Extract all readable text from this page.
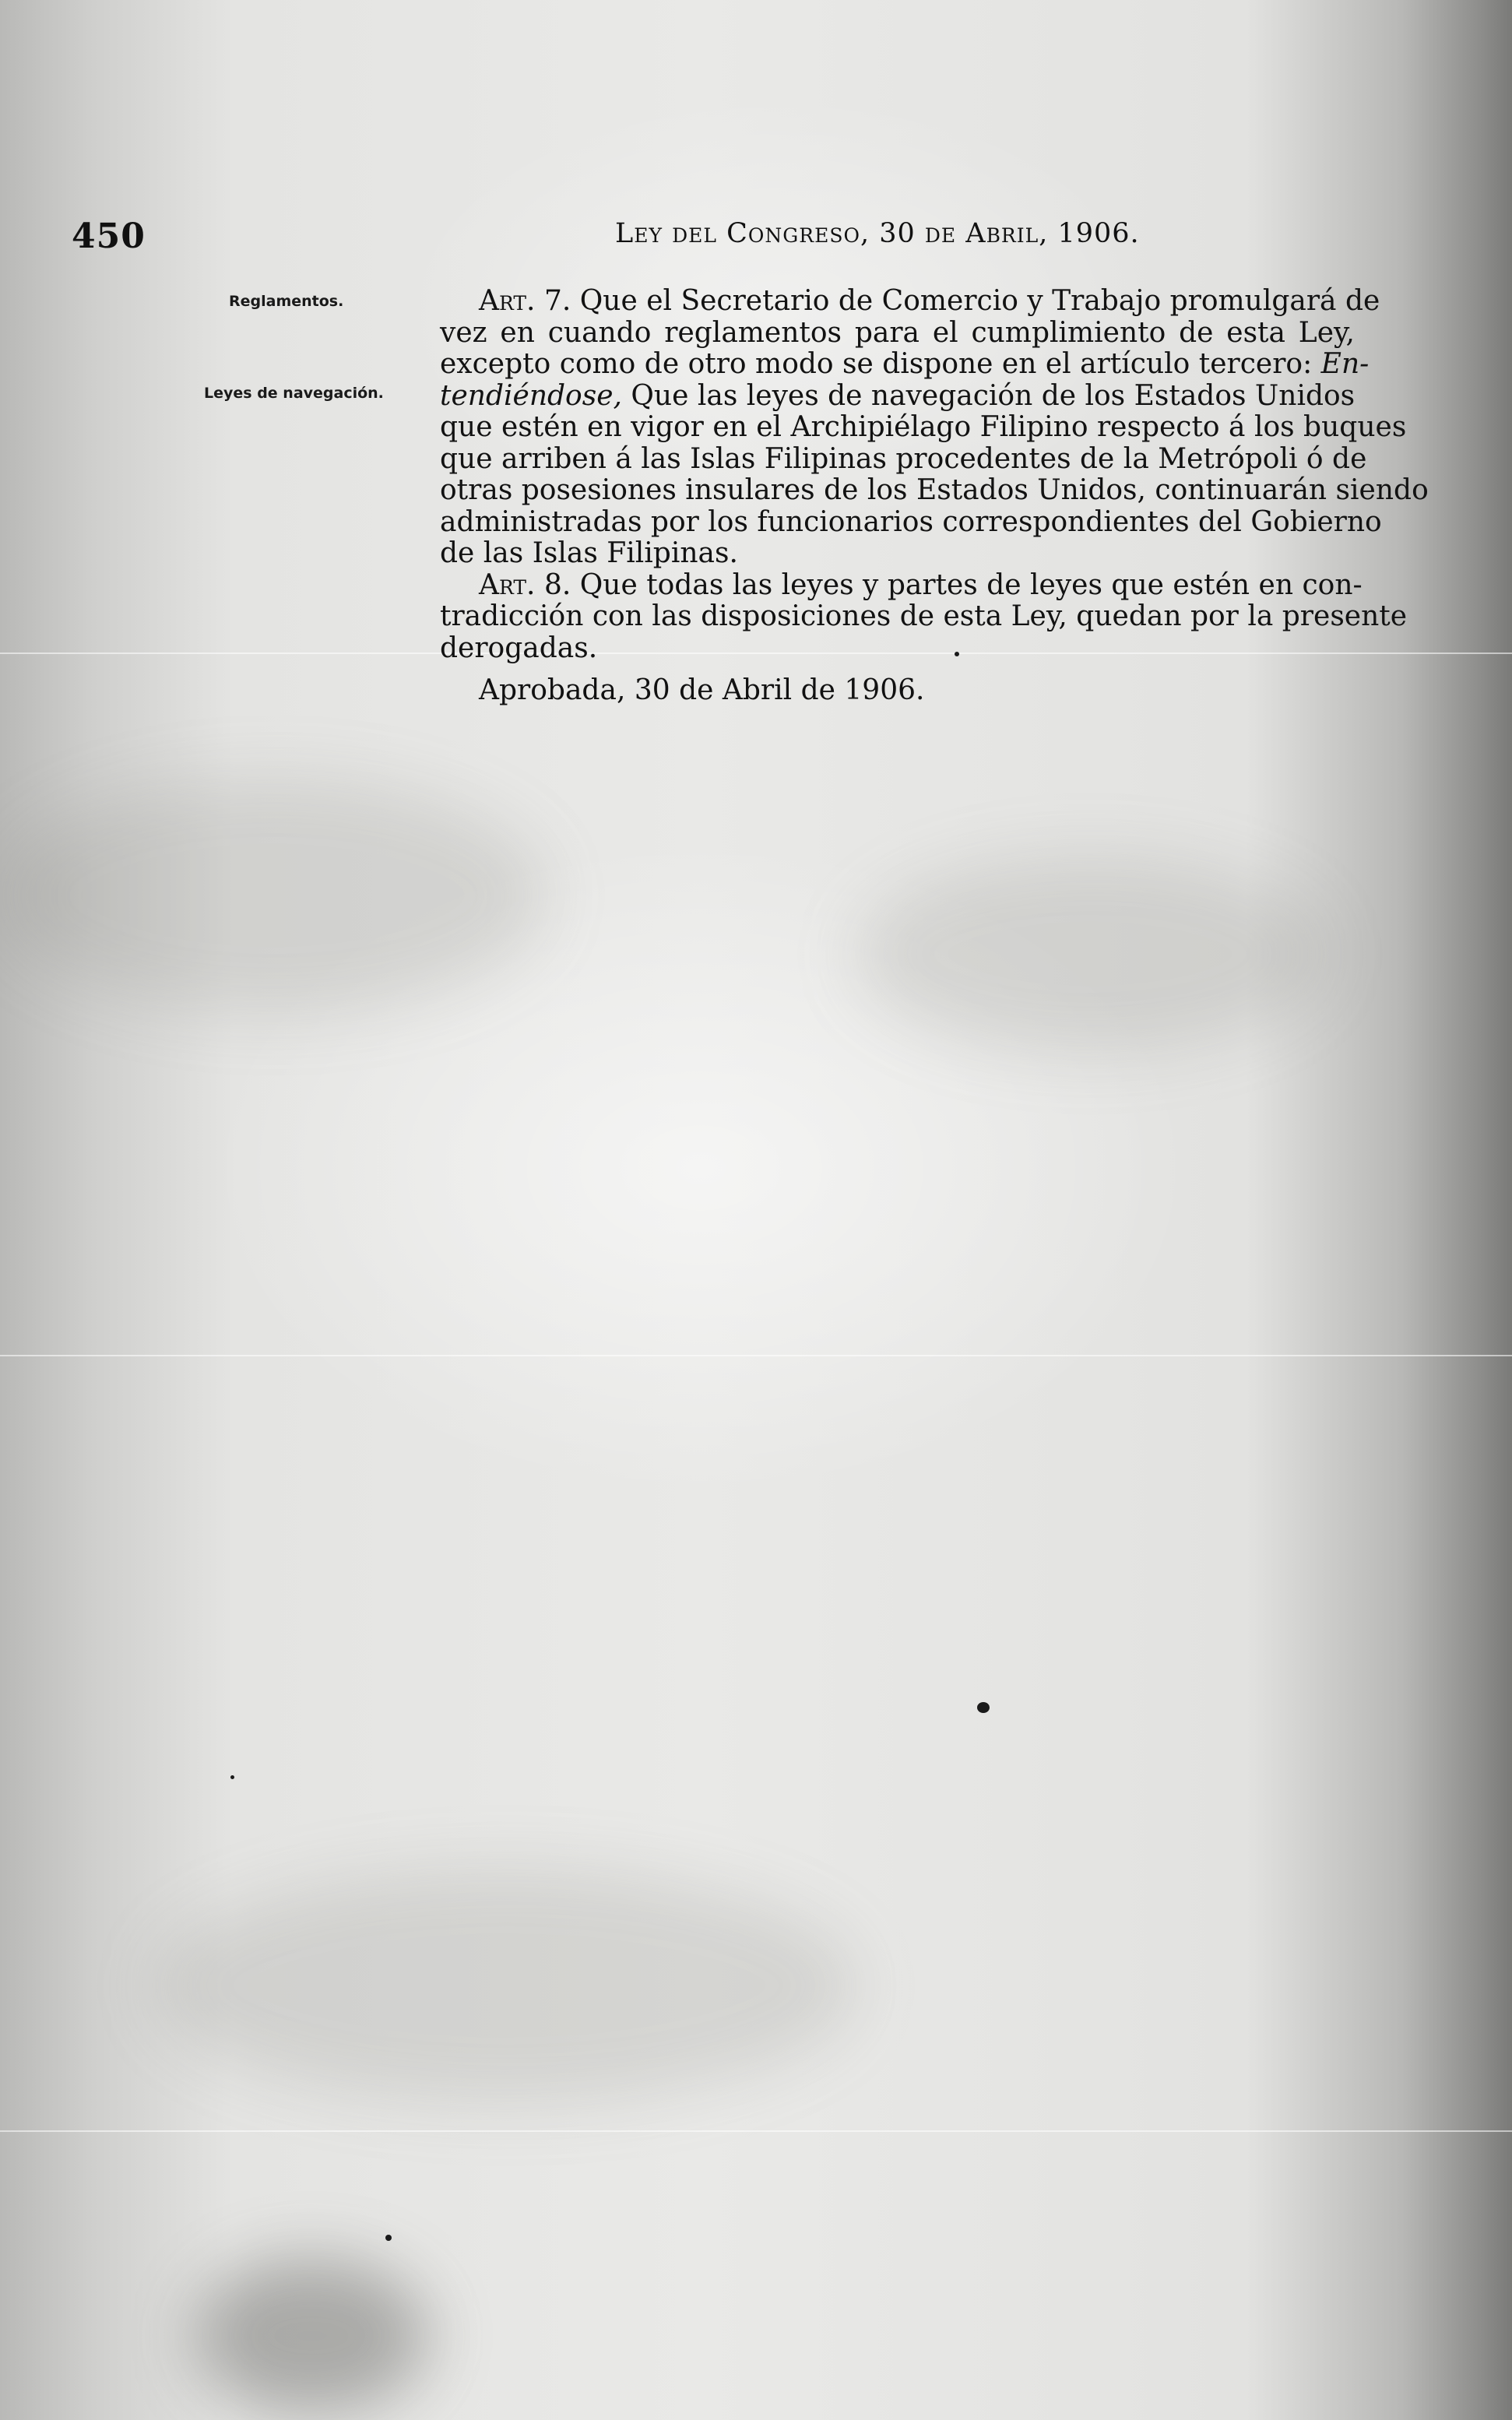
450	Ley del Congreso, 30 de Abril, 1906.
Reglamentos.
Leyes de navegación.
Art. 7. Que el Secretario de Comercio y Trabajo promulgará de
vez en cuando reglamentos para el cumplimiento de esta Ley,
excepto como de otro modo se dispone en el artículo tercero: En-
tendiéndose, Que las leyes de navegación de los Estados Unidos
que estén en vigor en el Archipiélago Filipino respecto á los buques
que arriben á las Islas Filipinas procedentes de la Metrópoli ó de
otras posesiones insulares de los Estados Unidos, continuarán siendo
administradas por los funcionarios correspondientes del Gobierno
de las Islas Filipinas.
Art. 8. Que todas las leyes y partes de leyes que estén en con-
tradicción con las disposiciones de esta Ley, quedan por la presente
derogadas.
Aprobada, 30 de Abril de 1906.
